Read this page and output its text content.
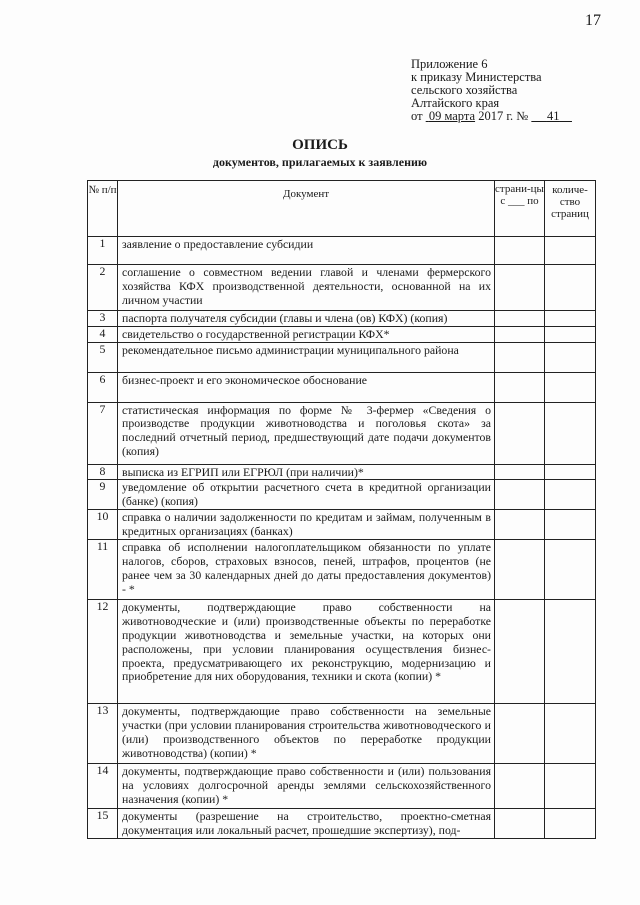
17
Приложение 6
к приказу Министерства
сельского хозяйства
Алтайского края
от  09 марта 2017 г. №      41
ОПИСЬ
документов, прилагаемых к заявлению
№ п/п	Документ	страни-цы с ___ по	количе-ство страниц
1	заявление о предоставление субсидии		
2	соглашение о совместном ведении главой и членами фермерского хозяйства КФХ производственной деятельности, основанной на их личном участии		
3	паспорта получателя субсидии (главы и члена (ов) КФХ) (копия)		
4	свидетельство о государственной регистрации КФХ*		
5	рекомендательное письмо администрации муниципального района		
6	бизнес-проект и его экономическое обоснование		
7	статистическая информация по форме № 3-фермер «Сведения о производстве продукции животноводства и поголовья скота» за последний отчетный период, предшествующий дате подачи документов (копия)		
8	выписка из ЕГРИП или ЕГРЮЛ (при наличии)*		
9	уведомление об открытии расчетного счета в кредитной организации (банке) (копия)		
10	справка о наличии задолженности по кредитам и займам, полученным в кредитных организациях (банках)		
11	справка об исполнении налогоплательщиком обязанности по уплате налогов, сборов, страховых взносов, пеней, штрафов, процентов (не ранее чем за 30 календарных дней до даты предоставления документов) - *		
12	документы, подтверждающие право собственности на животноводческие и (или) производственные объекты по переработке продукции животноводства и земельные участки, на которых они расположены, при условии планирования осуществления бизнес-проекта, предусматривающего их реконструкцию, модернизацию и приобретение для них оборудования, техники и скота (копии) *		
13	документы, подтверждающие право собственности на земельные участки (при условии планирования строительства животноводческого и (или) производственного объектов по переработке продукции животноводства) (копии) *		
14	документы, подтверждающие право собственности и (или) пользования на условиях долгосрочной аренды землями сельскохозяйственного назначения (копии) *		
15	документы (разрешение на строительство, проектно-сметная документация или локальный расчет, прошедшие экспертизу), под-		
